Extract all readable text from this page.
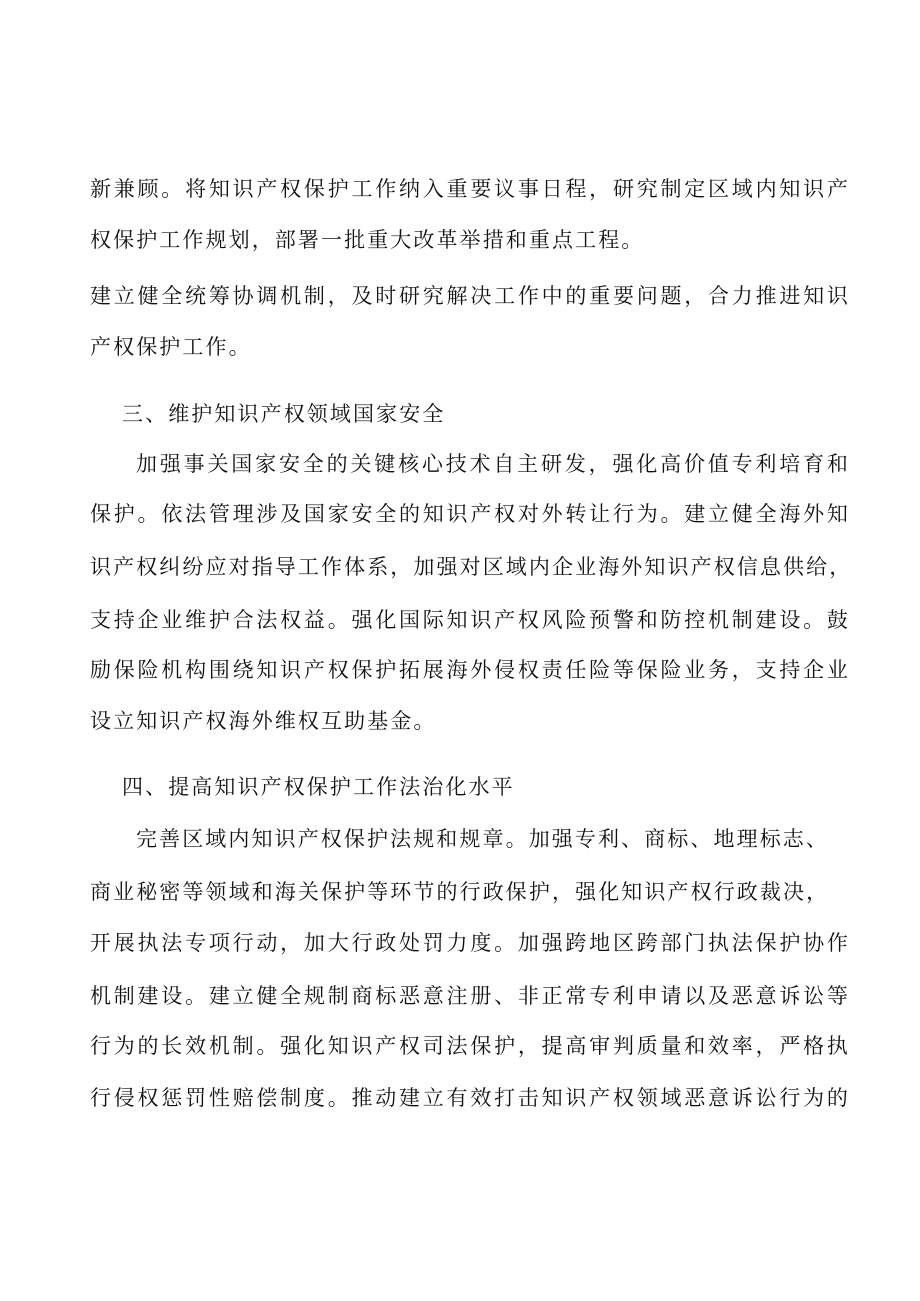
新兼顾。将知识产权保护工作纳入重要议事日程，研究制定区域内知识产
权保护工作规划，部署一批重大改革举措和重点工程。
建立健全统筹协调机制，及时研究解决工作中的重要问题，合力推进知识
产权保护工作。
三、维护知识产权领域国家安全
加强事关国家安全的关键核心技术自主研发，强化高价值专利培育和
保护。依法管理涉及国家安全的知识产权对外转让行为。建立健全海外知
识产权纠纷应对指导工作体系，加强对区域内企业海外知识产权信息供给，
支持企业维护合法权益。强化国际知识产权风险预警和防控机制建设。鼓
励保险机构围绕知识产权保护拓展海外侵权责任险等保险业务，支持企业
设立知识产权海外维权互助基金。
四、提高知识产权保护工作法治化水平
完善区域内知识产权保护法规和规章。加强专利、商标、地理标志、
商业秘密等领域和海关保护等环节的行政保护，强化知识产权行政裁决，
开展执法专项行动，加大行政处罚力度。加强跨地区跨部门执法保护协作
机制建设。建立健全规制商标恶意注册、非正常专利申请以及恶意诉讼等
行为的长效机制。强化知识产权司法保护，提高审判质量和效率，严格执
行侵权惩罚性赔偿制度。推动建立有效打击知识产权领域恶意诉讼行为的
